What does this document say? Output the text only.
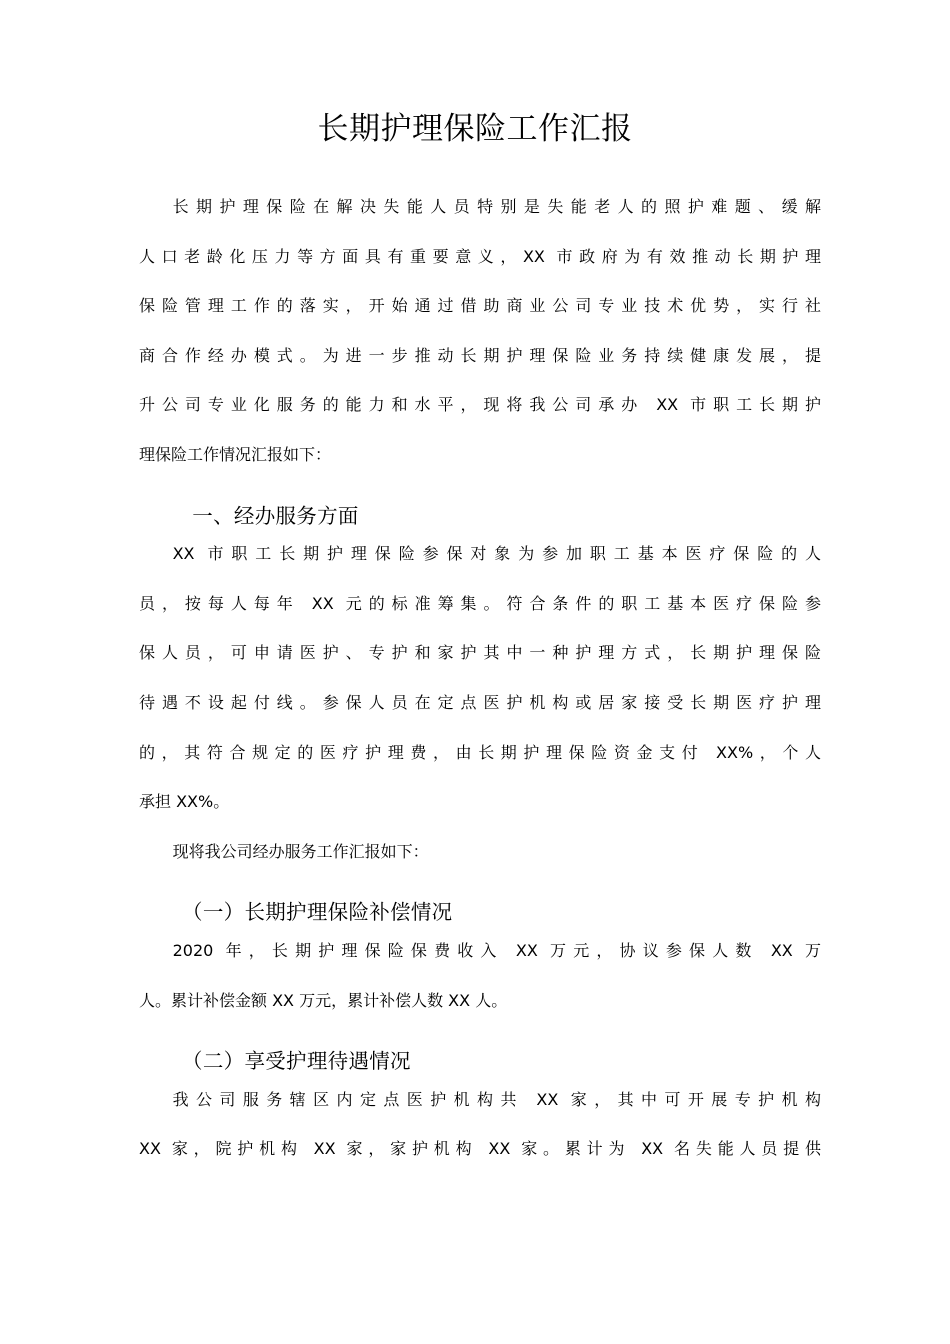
长期护理保险工作汇报
长期护理保险在解决失能人员特别是失能老人的照护难题、缓解
人口老龄化压力等方面具有重要意义，XX 市政府为有效推动长期护理
保险管理工作的落实，开始通过借助商业公司专业技术优势，实行社
商合作经办模式。为进一步推动长期护理保险业务持续健康发展，提
升公司专业化服务的能力和水平，现将我公司承办 XX 市职工长期护
理保险工作情况汇报如下：

一、经办服务方面

XX 市职工长期护理保险参保对象为参加职工基本医疗保险的人
员，按每人每年 XX 元的标准筹集。符合条件的职工基本医疗保险参
保人员，可申请医护、专护和家护其中一种护理方式，长期护理保险
待遇不设起付线。参保人员在定点医护机构或居家接受长期医疗护理
的，其符合规定的医疗护理费，由长期护理保险资金支付 XX%，个人
承担 XX%。
现将我公司经办服务工作汇报如下：

（一）长期护理保险补偿情况

2020 年，长期护理保险保费收入 XX 万元，协议参保人数 XX 万
人。累计补偿金额 XX 万元，累计补偿人数 XX 人。

（二）享受护理待遇情况

我公司服务辖区内定点医护机构共 XX 家，其中可开展专护机构
XX 家，院护机构 XX 家，家护机构 XX 家。累计为 XX 名失能人员提供
